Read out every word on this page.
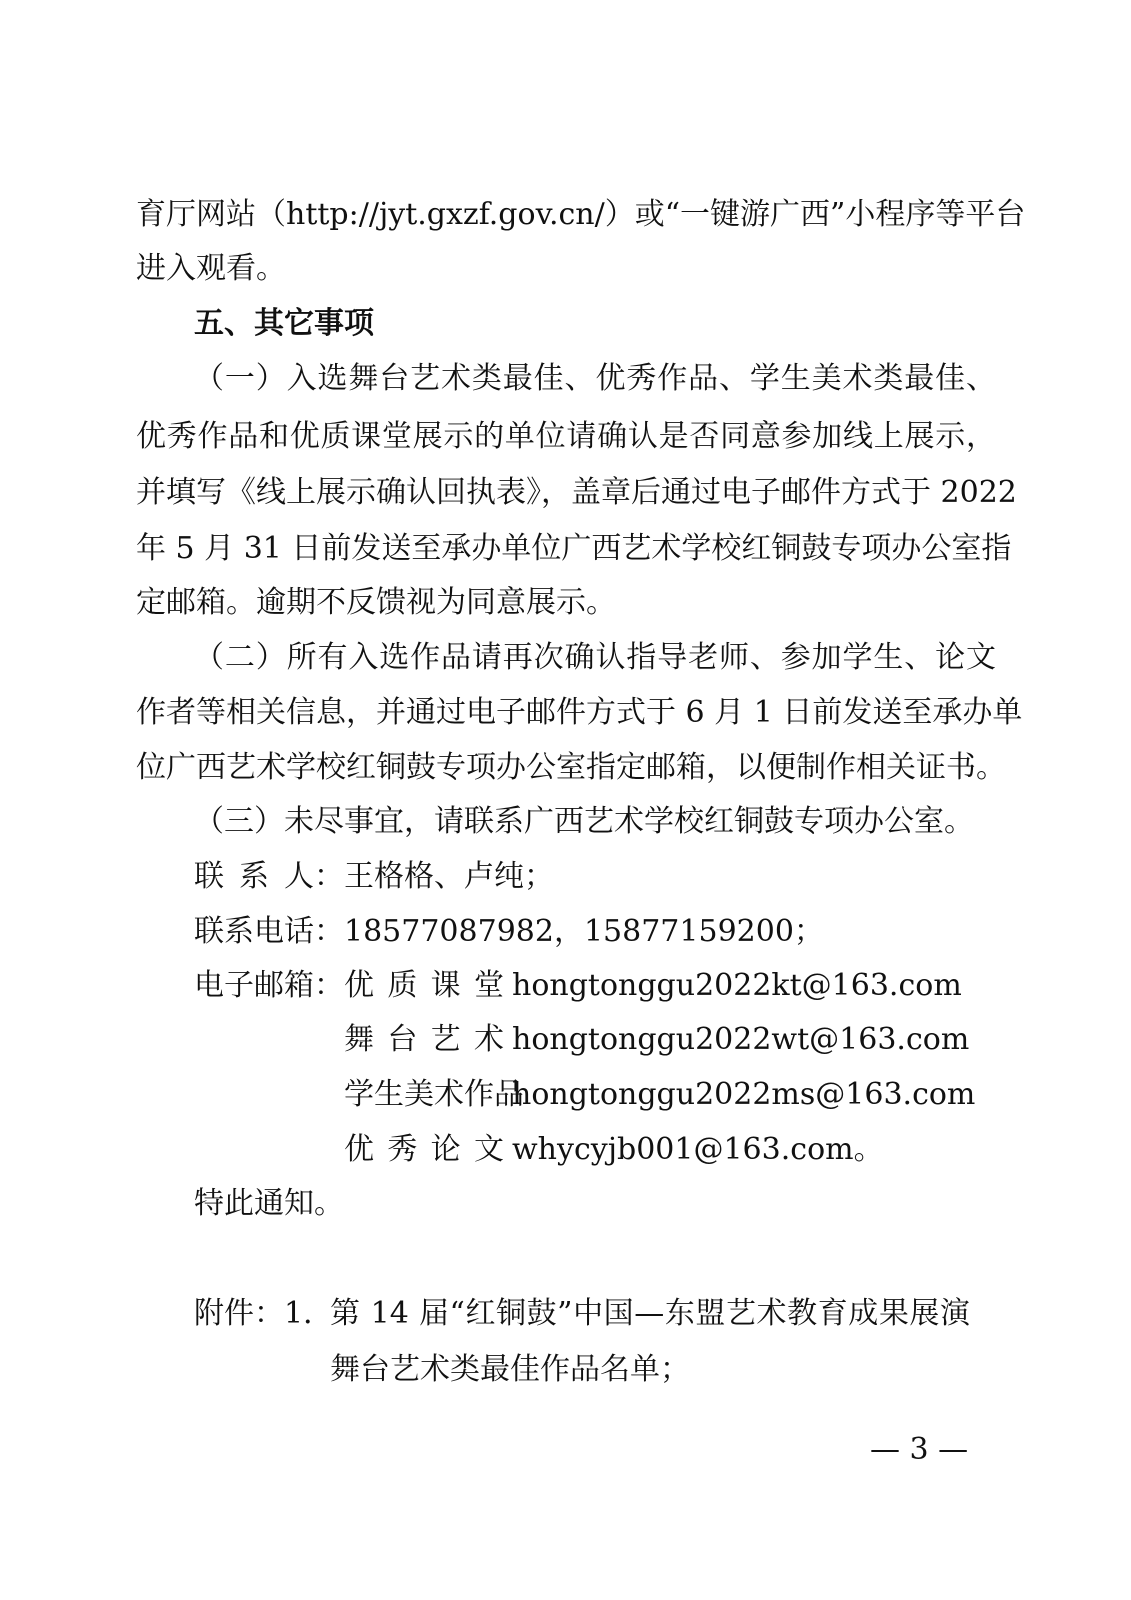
育厅网站（http://jyt.gxzf.gov.cn/）或“一键游广西”小程序等平台
进入观看。
五、其它事项
（一）入选舞台艺术类最佳、优秀作品、学生美术类最佳、
优秀作品和优质课堂展示的单位请确认是否同意参加线上展示，
并填写《线上展示确认回执表》，盖章后通过电子邮件方式于 2022
年 5 月 31 日前发送至承办单位广西艺术学校红铜鼓专项办公室指
定邮箱。逾期不反馈视为同意展示。
（二）所有入选作品请再次确认指导老师、参加学生、论文
作者等相关信息，并通过电子邮件方式于 6 月 1 日前发送至承办单
位广西艺术学校红铜鼓专项办公室指定邮箱，以便制作相关证书。
（三）未尽事宜，请联系广西艺术学校红铜鼓专项办公室。
联系人：王格格、卢纯；
联系电话：18577087982，15877159200；
电子邮箱：优质课堂 hongtonggu2022kt@163.com
舞台艺术 hongtonggu2022wt@163.com
学生美术作品hongtonggu2022ms@163.com
优秀论文 whycyjb001@163.com。
特此通知。
附件：1．
第 14 届“红铜鼓”中国—东盟艺术教育成果展演
舞台艺术类最佳作品名单；
— 3 —
